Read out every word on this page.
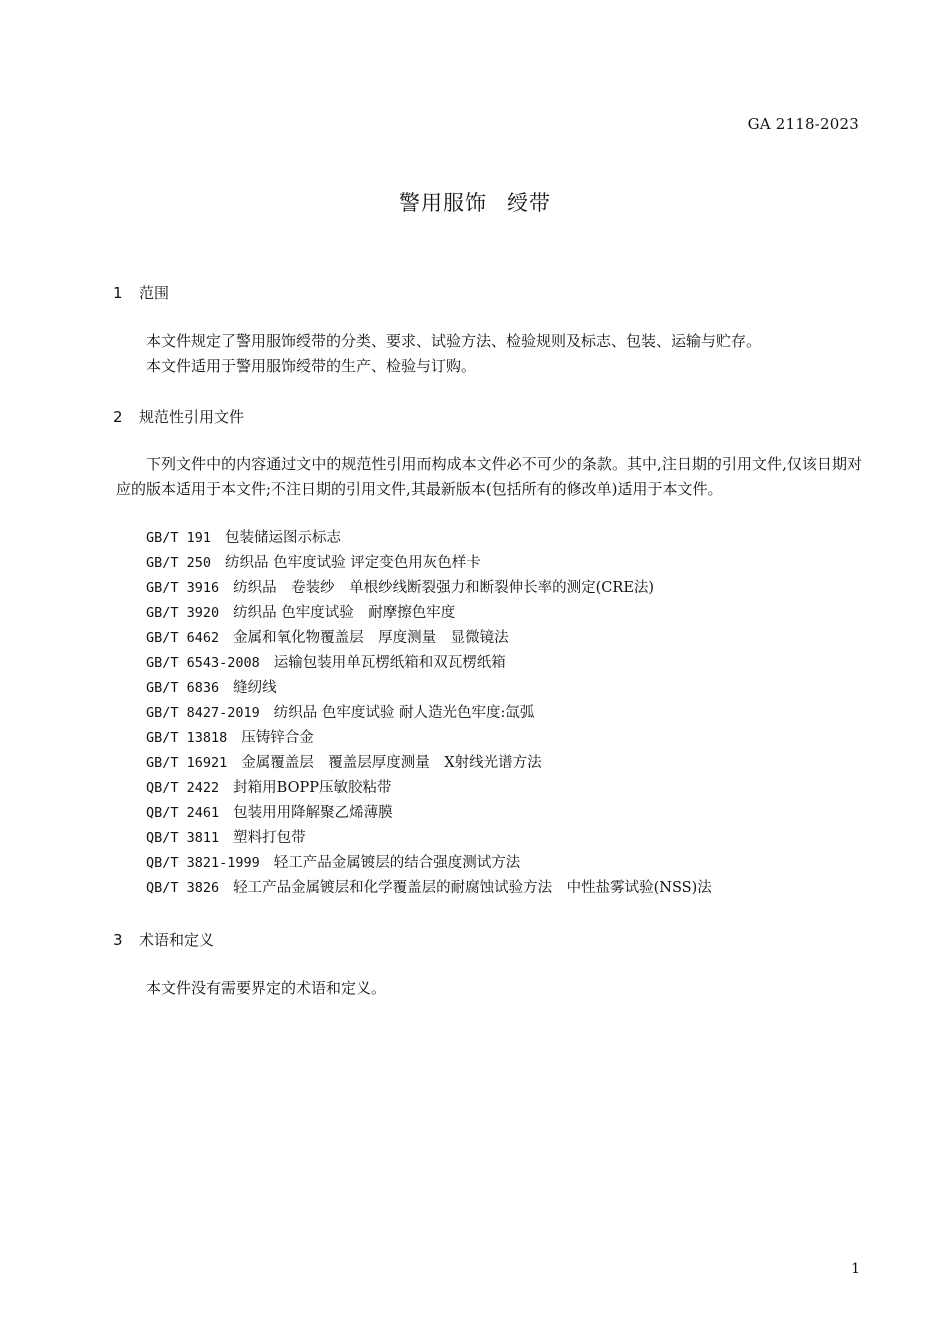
GA 2118-2023
警用服饰 绶带
1 范围
本文件规定了警用服饰绶带的分类、要求、试验方法、检验规则及标志、包装、运输与贮存。
本文件适用于警用服饰绶带的生产、检验与订购。
2 规范性引用文件
下列文件中的内容通过文中的规范性引用而构成本文件必不可少的条款。其中,注日期的引用文件,仅该日期对应的版本适用于本文件;不注日期的引用文件,其最新版本(包括所有的修改单)适用于本文件。
GB/T 191 包装储运图示标志
GB/T 250 纺织品 色牢度试验 评定变色用灰色样卡
GB/T 3916 纺织品　卷装纱　单根纱线断裂强力和断裂伸长率的测定(CRE法)
GB/T 3920 纺织品 色牢度试验　耐摩擦色牢度
GB/T 6462 金属和氧化物覆盖层　厚度测量　显微镜法
GB/T 6543-2008 运输包装用单瓦楞纸箱和双瓦楞纸箱
GB/T 6836 缝纫线
GB/T 8427-2019 纺织品 色牢度试验 耐人造光色牢度:氙弧
GB/T 13818 压铸锌合金
GB/T 16921 金属覆盖层　覆盖层厚度测量　X射线光谱方法
QB/T 2422 封箱用BOPP压敏胶粘带
QB/T 2461 包装用用降解聚乙烯薄膜
QB/T 3811 塑料打包带
QB/T 3821-1999 轻工产品金属镀层的结合强度测试方法
QB/T 3826 轻工产品金属镀层和化学覆盖层的耐腐蚀试验方法　中性盐雾试验(NSS)法
3 术语和定义
本文件没有需要界定的术语和定义。
1
